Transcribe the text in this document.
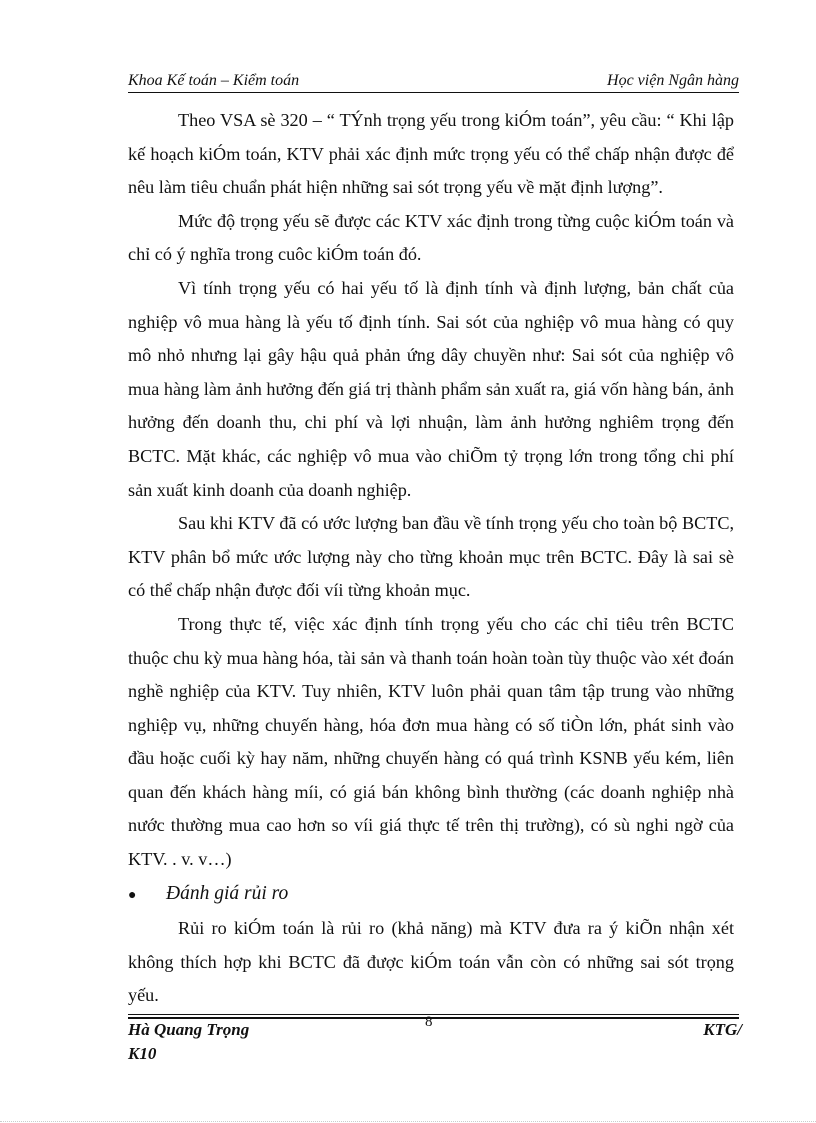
Khoa Kế toán – Kiểm toán	Học viện Ngân hàng

Theo VSA sè 320 – “ TÝnh trọng yếu trong kiÓm toán”, yêu cầu: “ Khi lập kế hoạch kiÓm toán, KTV phải xác định mức trọng yếu có thể chấp nhận được để nêu làm tiêu chuẩn phát hiện những sai sót trọng yếu về mặt định lượng”.

Mức độ trọng yếu sẽ được các KTV xác định trong từng cuộc kiÓm toán và chỉ có ý nghĩa trong cuôc kiÓm toán đó.

Vì tính trọng yếu có hai yếu tố là định tính và định lượng, bản chất của nghiệp vô mua hàng là yếu tố định tính. Sai sót của nghiệp vô mua hàng có quy mô nhỏ nhưng lại gây hậu quả phản ứng dây chuyền như: Sai sót của nghiệp vô mua hàng làm ảnh hưởng đến giá trị thành phẩm sản xuất ra, giá vốn hàng bán, ảnh hưởng đến doanh thu, chi phí và lợi nhuận, làm ảnh hưởng nghiêm trọng đến BCTC. Mặt khác, các nghiệp vô mua vào chiÕm tỷ trọng lớn trong tổng chi phí sản xuất kinh doanh của doanh nghiệp.

Sau khi KTV đã có ước lượng ban đầu về tính trọng yếu cho toàn bộ BCTC, KTV phân bổ mức ước lượng này cho từng khoản mục trên BCTC. Đây là sai sè có thể chấp nhận được đối víi từng khoản mục.

Trong thực tế, việc xác định tính trọng yếu cho các chỉ tiêu trên BCTC thuộc chu kỳ mua hàng hóa, tài sản và thanh toán hoàn toàn tùy thuộc vào xét đoán nghề nghiệp của KTV. Tuy nhiên, KTV luôn phải quan tâm tập trung vào những nghiệp vụ, những chuyến hàng, hóa đơn mua hàng có số tiÒn lớn, phát sinh vào đầu hoặc cuối kỳ hay năm, những chuyến hàng có quá trình KSNB yếu kém, liên quan đến khách hàng míi, có giá bán không bình thường (các doanh nghiệp nhà nước thường mua cao hơn so víi giá thực tế trên thị trường), có sù nghi ngờ của KTV. . v. v…)

● Đánh giá rủi ro

Rủi ro kiÓm toán là rủi ro (khả năng) mà KTV đưa ra ý kiÕn nhận xét không thích hợp khi BCTC đã được kiÓm toán vẫn còn có những sai sót trọng yếu.

Hà Quang Trọng
K10
8	KTG/
